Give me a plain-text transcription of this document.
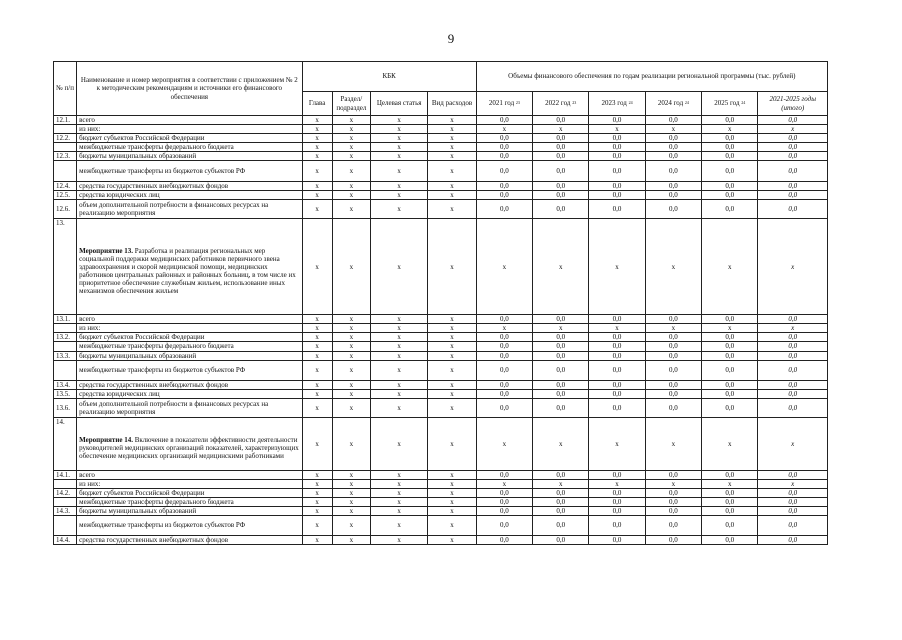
9
№ п/п	Наименование и номер мероприятия в соответствии с приложением № 2 к методическим рекомендациям и источники его финансового обеспечения	КБК				Объемы финансового обеспечения по годам реализации региональной программы (тыс. рублей)					
		Глава	Раздел/ подраздел	Целевая статья	Вид расходов	2021 год 23	2022 год 23	2023 год 24	2024 год 24	2025 год 24	2021-2025 годы (итого)
12.1.	всего	x	x	x	x	0,0	0,0	0,0	0,0	0,0	0,0
	из них:	x	x	x	x	x	x	x	x	x	x
12.2.	бюджет субъектов Российской Федерации	x	x	x	x	0,0	0,0	0,0	0,0	0,0	0,0
	межбюджетные трансферты федерального бюджета	x	x	x	x	0,0	0,0	0,0	0,0	0,0	0,0
12.3.	бюджеты муниципальных образований	x	x	x	x	0,0	0,0	0,0	0,0	0,0	0,0
	межбюджетные трансферты из бюджетов субъектов РФ	x	x	x	x	0,0	0,0	0,0	0,0	0,0	0,0
12.4.	средства государственных внебюджетных фондов	x	x	x	x	0,0	0,0	0,0	0,0	0,0	0,0
12.5.	средства юридических лиц	x	x	x	x	0,0	0,0	0,0	0,0	0,0	0,0
12.6.	объем дополнительной потребности в финансовых ресурсах на реализацию мероприятия	x	x	x	x	0,0	0,0	0,0	0,0	0,0	0,0
13.	Мероприятие 13. Разработка и реализация региональных мер социальной поддержки медицинских работников первичного звена здравоохранения и скорой медицинской помощи, медицинских работников центральных районных и районных больниц, в том числе их приоритетное обеспечение служебным жильем, использование иных механизмов обеспечения жильем	x	x	x	x	x	x	x	x	x	x
13.1.	всего	x	x	x	x	0,0	0,0	0,0	0,0	0,0	0,0
	из них:	x	x	x	x	x	x	x	x	x	x
13.2.	бюджет субъектов Российской Федерации	x	x	x	x	0,0	0,0	0,0	0,0	0,0	0,0
	межбюджетные трансферты федерального бюджета	x	x	x	x	0,0	0,0	0,0	0,0	0,0	0,0
13.3.	бюджеты муниципальных образований	x	x	x	x	0,0	0,0	0,0	0,0	0,0	0,0
	межбюджетные трансферты из бюджетов субъектов РФ	x	x	x	x	0,0	0,0	0,0	0,0	0,0	0,0
13.4.	средства государственных внебюджетных фондов	x	x	x	x	0,0	0,0	0,0	0,0	0,0	0,0
13.5.	средства юридических лиц	x	x	x	x	0,0	0,0	0,0	0,0	0,0	0,0
13.6.	объем дополнительной потребности в финансовых ресурсах на реализацию мероприятия	x	x	x	x	0,0	0,0	0,0	0,0	0,0	0,0
14.	Мероприятие 14. Включение в показатели эффективности деятельности руководителей медицинских организаций показателей, характеризующих обеспечение медицинских организаций медицинскими работниками	x	x	x	x	x	x	x	x	x	x
14.1.	всего	x	x	x	x	0,0	0,0	0,0	0,0	0,0	0,0
	из них:	x	x	x	x	x	x	x	x	x	x
14.2.	бюджет субъектов Российской Федерации	x	x	x	x	0,0	0,0	0,0	0,0	0,0	0,0
	межбюджетные трансферты федерального бюджета	x	x	x	x	0,0	0,0	0,0	0,0	0,0	0,0
14.3.	бюджеты муниципальных образований	x	x	x	x	0,0	0,0	0,0	0,0	0,0	0,0
	межбюджетные трансферты из бюджетов субъектов РФ	x	x	x	x	0,0	0,0	0,0	0,0	0,0	0,0
14.4.	средства государственных внебюджетных фондов	x	x	x	x	0,0	0,0	0,0	0,0	0,0	0,0
